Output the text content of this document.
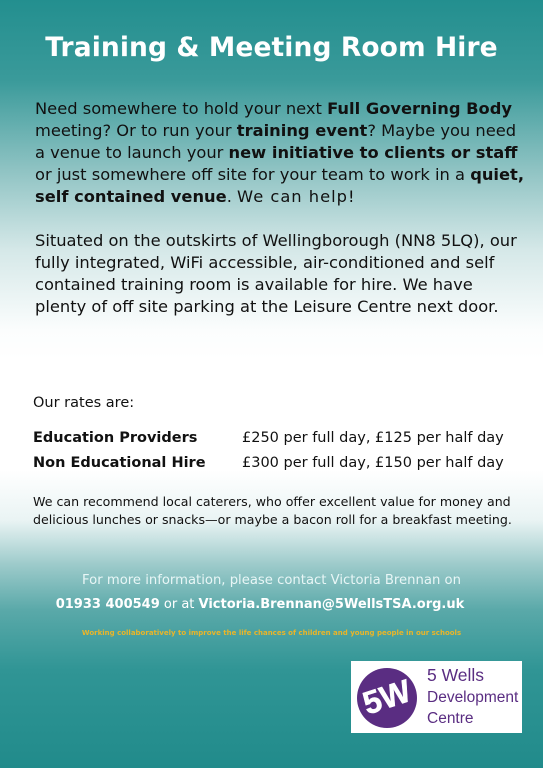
Training & Meeting Room Hire

Need somewhere to hold your next Full Governing Body meeting? Or to run your training event? Maybe you need a venue to launch your new initiative to clients or staff or just somewhere off site for your team to work in a quiet, self contained venue. We can help!

Situated on the outskirts of Wellingborough (NN8 5LQ), our fully integrated, WiFi accessible, air-conditioned and self contained training room is available for hire. We have plenty of off site parking at the Leisure Centre next door.

Our rates are:

Education Providers	£250 per full day, £125 per half day
Non Educational Hire	£300 per full day, £150 per half day

We can recommend local caterers, who offer excellent value for money and delicious lunches or snacks—or maybe a bacon roll for a breakfast meeting.

For more information, please contact Victoria Brennan on

01933 400549 or at Victoria.Brennan@5WellsTSA.org.uk

Working collaboratively to improve the life chances of children and young people in our schools

5W 5 Wells

Development

Centre
